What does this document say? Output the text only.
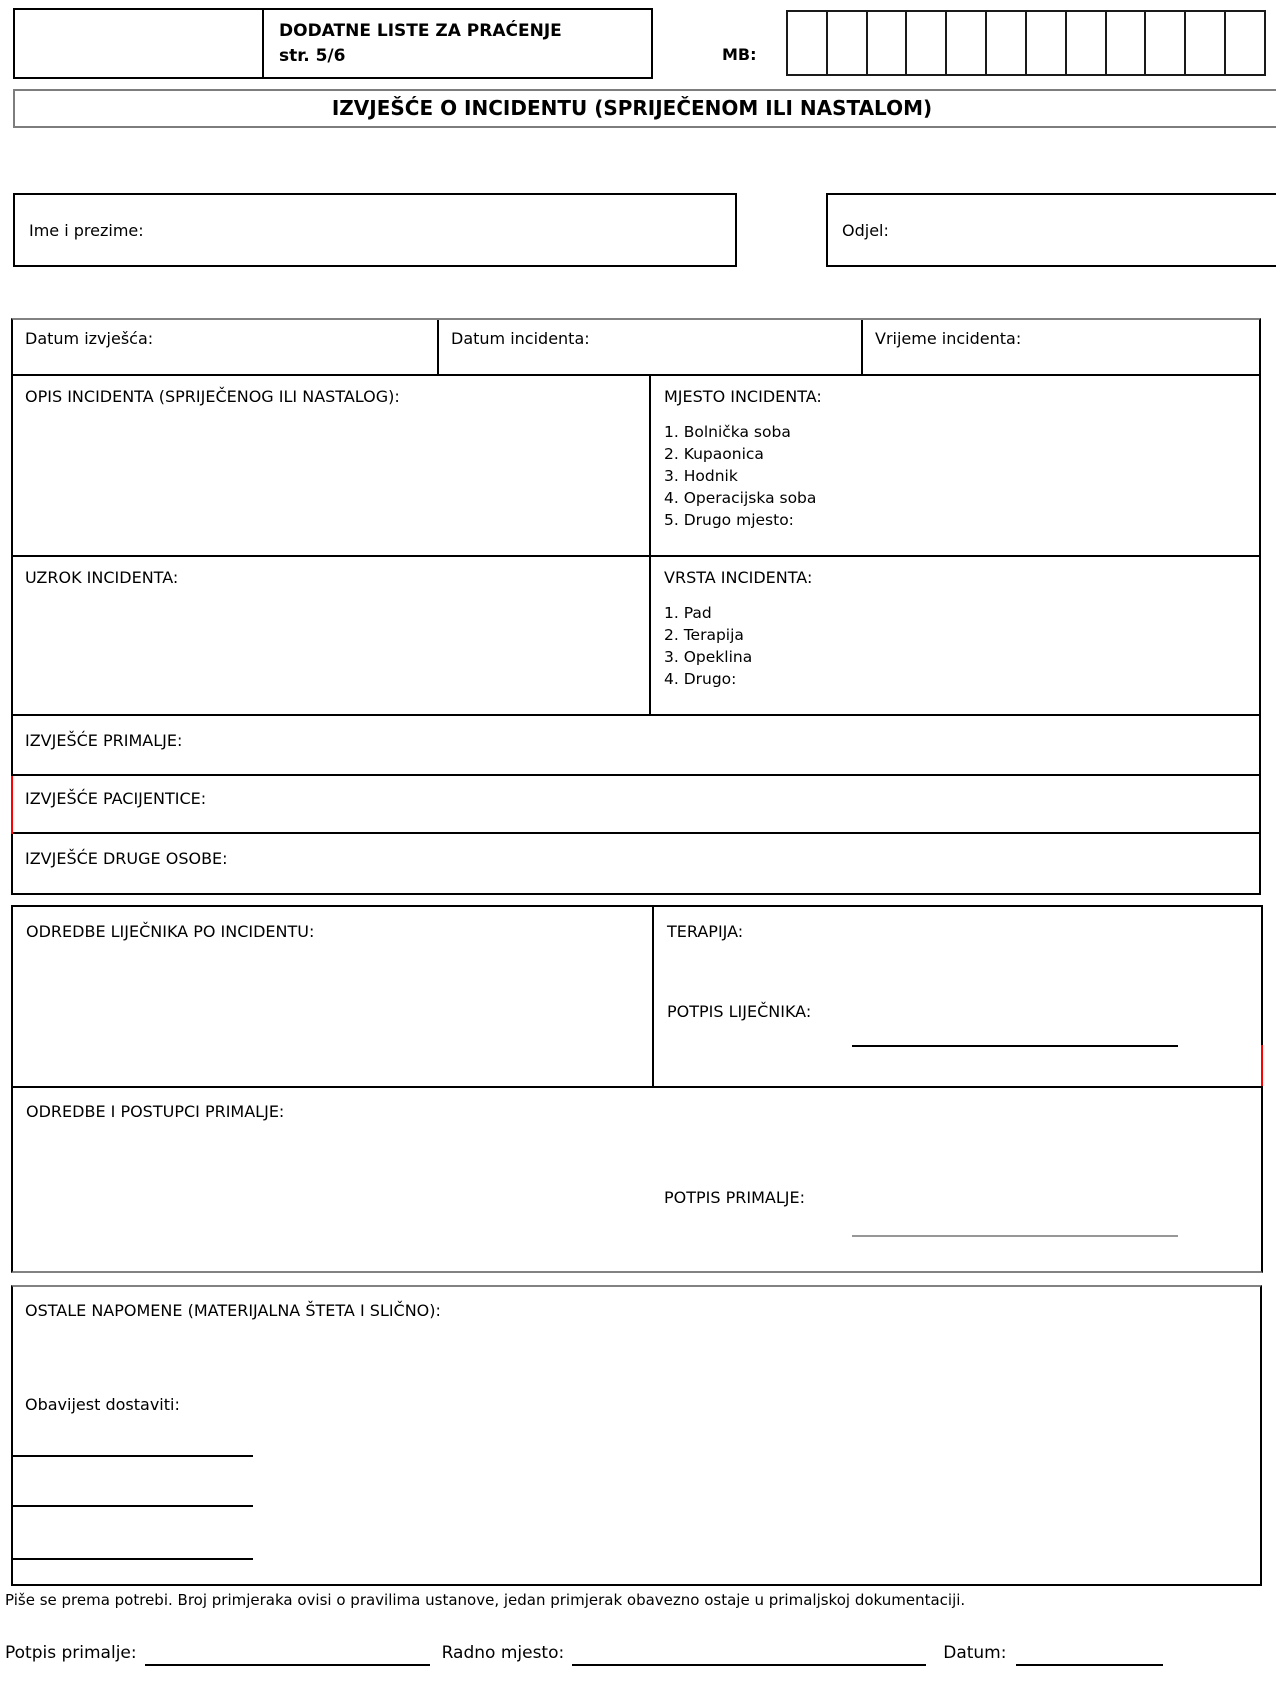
DODATNE LISTE ZA PRAĆENJE
str. 5/6	MB:
IZVJEŠĆE O INCIDENTU (SPRIJEČENOM ILI NASTALOM)
Ime i prezime:	Odjel:
Datum izvješća:	Datum incidenta:	Vrijeme incidenta:
OPIS INCIDENTA (SPRIJEČENOG ILI NASTALOG):	MJESTO INCIDENTA:
1. Bolnička soba
2. Kupaonica
3. Hodnik
4. Operacijska soba
5. Drugo mjesto:
UZROK INCIDENTA:	VRSTA INCIDENTA:
1. Pad
2. Terapija
3. Opeklina
4. Drugo:
IZVJEŠĆE PRIMALJE:
IZVJEŠĆE PACIJENTICE:
IZVJEŠĆE DRUGE OSOBE:
ODREDBE LIJEČNIKA PO INCIDENTU:	TERAPIJA:
POTPIS LIJEČNIKA:
ODREDBE I POSTUPCI PRIMALJE:
POTPIS PRIMALJE:
OSTALE NAPOMENE (MATERIJALNA ŠTETA I SLIČNO):
Obavijest dostaviti:
Piše se prema potrebi. Broj primjeraka ovisi o pravilima ustanove, jedan primjerak obavezno ostaje u primaljskoj dokumentaciji.
Potpis primalje:	Radno mjesto:	Datum:
